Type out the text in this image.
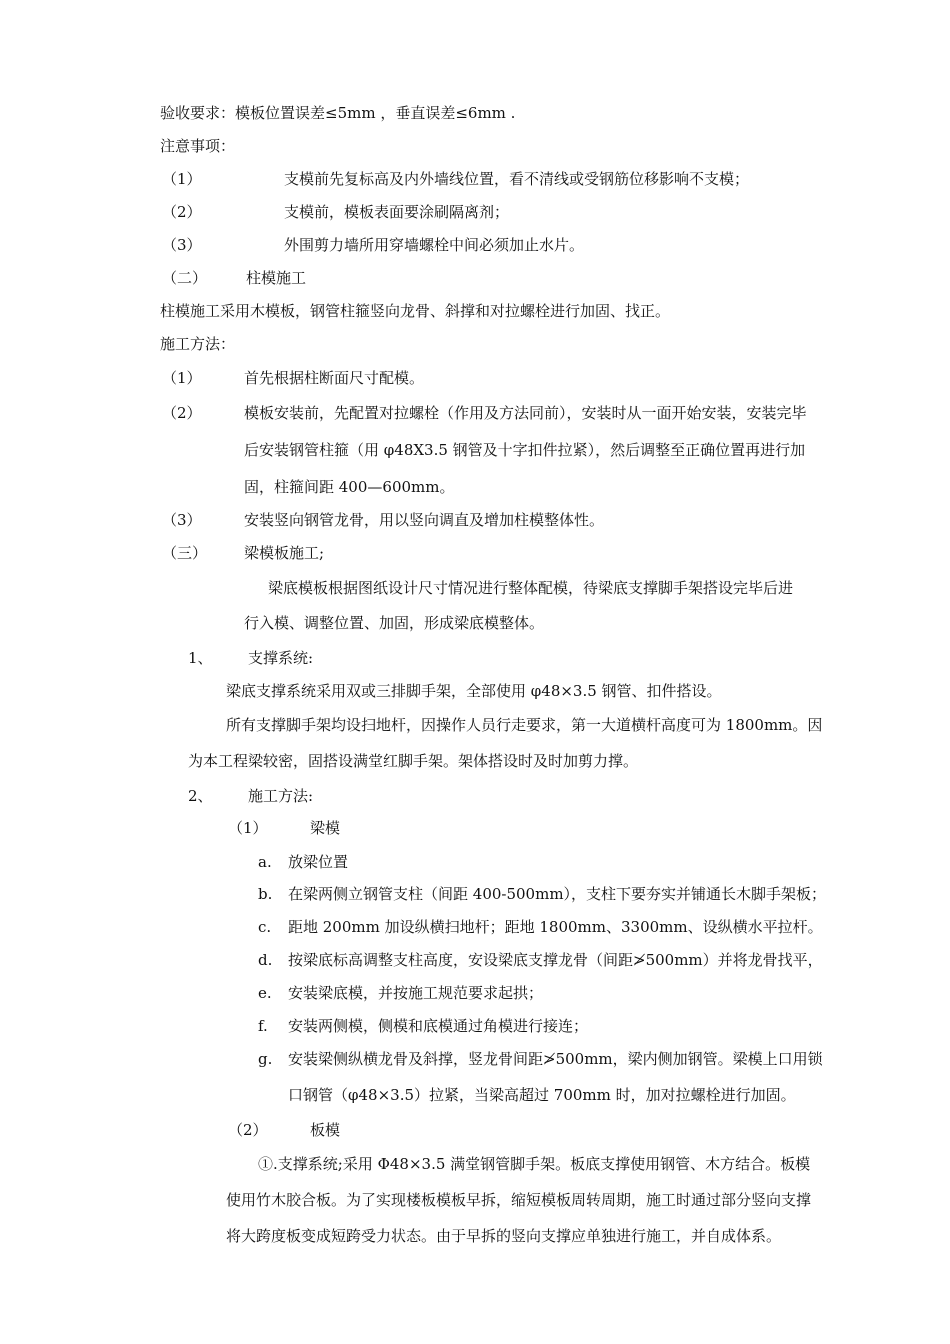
验收要求：模板位置误差≤5mm ，垂直误差≤6mm .
注意事项：
（1）	支模前先复标高及内外墙线位置，看不清线或受钢筋位移影响不支模；
（2）	支模前，模板表面要涂刷隔离剂；
（3）	外围剪力墙所用穿墙螺栓中间必须加止水片。
（二）	柱模施工
柱模施工采用木模板，钢管柱箍竖向龙骨、斜撑和对拉螺栓进行加固、找正。
施工方法：
（1）	首先根据柱断面尺寸配模。
（2）	模板安装前，先配置对拉螺栓（作用及方法同前），安装时从一面开始安装，安装完毕
后安装钢管柱箍（用 φ48X3.5 钢管及十字扣件拉紧），然后调整至正确位置再进行加
固，柱箍间距 400—600mm。
（3）	安装竖向钢管龙骨，用以竖向调直及增加柱模整体性。
（三） 梁模板施工;
梁底模板根据图纸设计尺寸情况进行整体配模，待梁底支撑脚手架搭设完毕后进
行入模、调整位置、加固，形成梁底模整体。
1、 支撑系统:
梁底支撑系统采用双或三排脚手架，全部使用 φ48×3.5 钢管、扣件搭设。
所有支撑脚手架均设扫地杆，因操作人员行走要求，第一大道横杆高度可为 1800mm。因
为本工程梁较密，固搭设满堂红脚手架。架体搭设时及时加剪力撑。
2、 施工方法:
（1）	梁模
a. 放梁位置
b. 在梁两侧立钢管支柱（间距 400-500mm），支柱下要夯实并铺通长木脚手架板；
c. 距地 200mm 加设纵横扫地杆；距地 1800mm、3300mm、设纵横水平拉杆。
d. 按梁底标高调整支柱高度，安设梁底支撑龙骨（间距≯500mm）并将龙骨找平，
e. 安装梁底模，并按施工规范要求起拱；
f. 安装两侧模，侧模和底模通过角模进行接连；
g. 安装梁侧纵横龙骨及斜撑，竖龙骨间距≯500mm，梁内侧加钢管。梁模上口用锁
口钢管（φ48×3.5）拉紧，当梁高超过 700mm 时，加对拉螺栓进行加固。
（2）	板模
①.支撑系统;采用 Φ48×3.5 满堂钢管脚手架。板底支撑使用钢管、木方结合。板模
使用竹木胶合板。为了实现楼板模板早拆，缩短模板周转周期，施工时通过部分竖向支撑
将大跨度板变成短跨受力状态。由于早拆的竖向支撑应单独进行施工，并自成体系。
